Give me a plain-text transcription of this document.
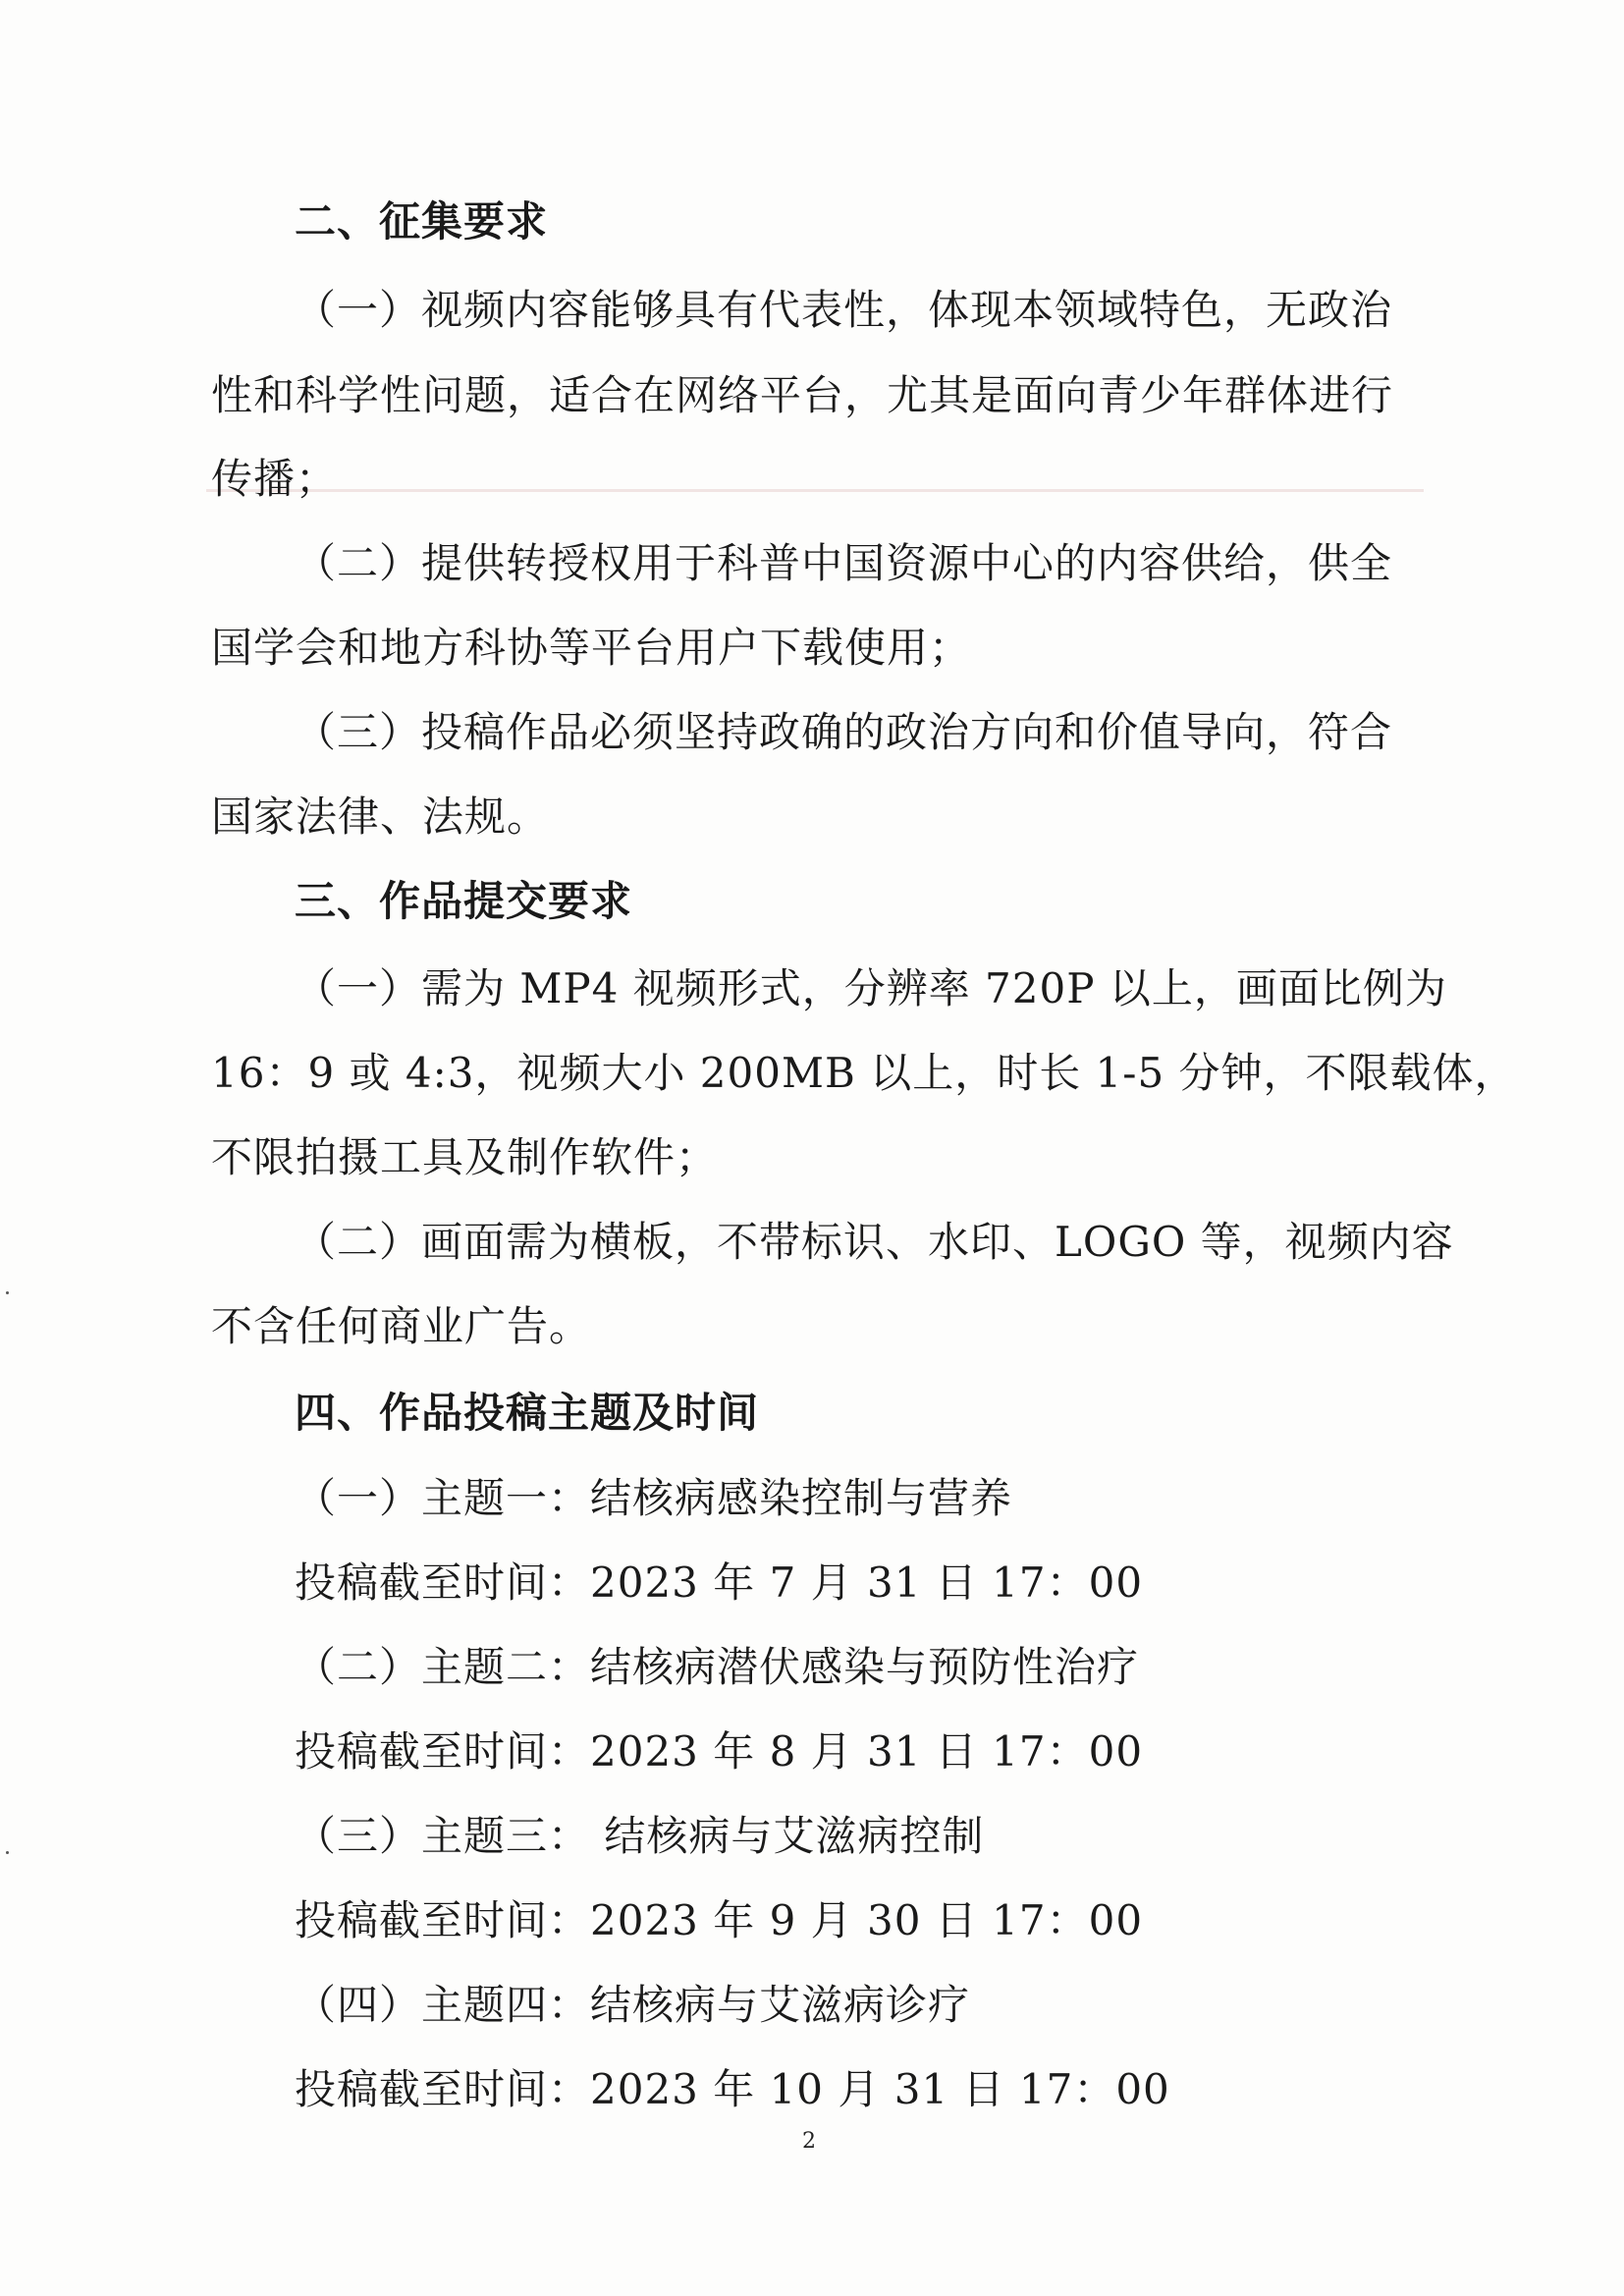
二、征集要求
（一）视频内容能够具有代表性，体现本领域特色，无政治
性和科学性问题，适合在网络平台，尤其是面向青少年群体进行
传播；
（二）提供转授权用于科普中国资源中心的内容供给，供全
国学会和地方科协等平台用户下载使用；
（三）投稿作品必须坚持政确的政治方向和价值导向，符合
国家法律、法规。
三、作品提交要求
（一）需为 MP4 视频形式，分辨率 720P 以上，画面比例为
16：9 或 4:3，视频大小 200MB 以上，时长 1-5 分钟，不限载体，
不限拍摄工具及制作软件；
（二）画面需为横板，不带标识、水印、LOGO 等，视频内容
不含任何商业广告。
四、作品投稿主题及时间
（一）主题一：结核病感染控制与营养
投稿截至时间：2023 年 7 月 31 日 17：00
（二）主题二：结核病潜伏感染与预防性治疗
投稿截至时间：2023 年 8 月 31 日 17：00
（三）主题三： 结核病与艾滋病控制
投稿截至时间：2023 年 9 月 30 日 17：00
（四）主题四：结核病与艾滋病诊疗
投稿截至时间：2023 年 10 月 31 日 17：00
2
